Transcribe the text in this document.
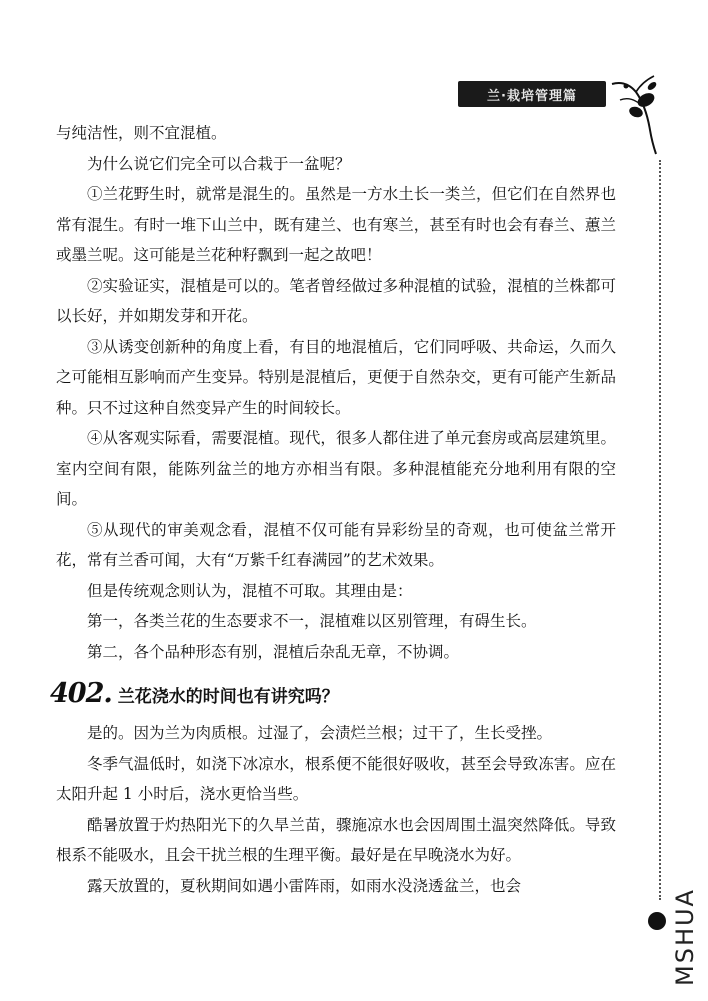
兰·栽培管理篇
MSHUA

与纯洁性，则不宜混植。

为什么说它们完全可以合栽于一盆呢？

①兰花野生时，就常是混生的。虽然是一方水土长一类兰，但它们在自然界也常有混生。有时一堆下山兰中，既有建兰、也有寒兰，甚至有时也会有春兰、蕙兰或墨兰呢。这可能是兰花种籽飘到一起之故吧！

②实验证实，混植是可以的。笔者曾经做过多种混植的试验，混植的兰株都可以长好，并如期发芽和开花。

③从诱变创新种的角度上看，有目的地混植后，它们同呼吸、共命运，久而久之可能相互影响而产生变异。特别是混植后，更便于自然杂交，更有可能产生新品种。只不过这种自然变异产生的时间较长。

④从客观实际看，需要混植。现代，很多人都住进了单元套房或高层建筑里。室内空间有限，能陈列盆兰的地方亦相当有限。多种混植能充分地利用有限的空间。

⑤从现代的审美观念看，混植不仅可能有异彩纷呈的奇观，也可使盆兰常开花，常有兰香可闻，大有“万紫千红春满园”的艺术效果。

但是传统观念则认为，混植不可取。其理由是：

第一，各类兰花的生态要求不一，混植难以区别管理，有碍生长。

第二，各个品种形态有别，混植后杂乱无章，不协调。

402. 兰花浇水的时间也有讲究吗？

是的。因为兰为肉质根。过湿了，会渍烂兰根；过干了，生长受挫。

冬季气温低时，如浇下冰凉水，根系便不能很好吸收，甚至会导致冻害。应在太阳升起 1 小时后，浇水更恰当些。

酷暑放置于灼热阳光下的久旱兰苗，骤施凉水也会因周围土温突然降低。导致根系不能吸水，且会干扰兰根的生理平衡。最好是在早晚浇水为好。

露天放置的，夏秋期间如遇小雷阵雨，如雨水没浇透盆兰，也会
